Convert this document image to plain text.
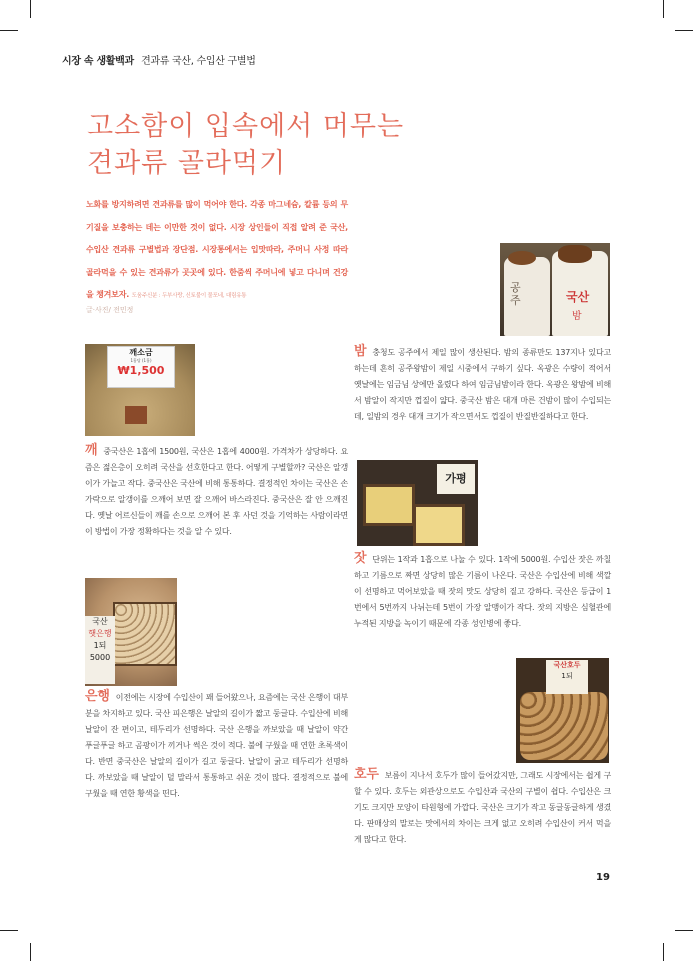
시장 속 생활백과 견과류 국산, 수입산 구별법
고소함이 입속에서 머무는
견과류 골라먹기
노화를 방지하려면 견과류를 많이 먹어야 한다. 각종 마그네슘, 칼륨 등의 무기질을 보충하는 데는 이만한 것이 없다. 시장 상인들이 직접 알려 준 국산, 수입산 견과류 구별법과 장단점. 시장통에서는 입맛따라, 주머니 사정 따라 골라먹을 수 있는 견과류가 곳곳에 있다. 한줌씩 주머니에 넣고 다니며 건강을 챙겨보자. 도움주신분 : 두부사랑, 신토불이 물포네, 대림유통
글·사진/ 전민정
공주	국산
밤
밤충청도 공주에서 제일 많이 생산된다. 밤의 종류만도 137지나 있다고 하는데 흔히 공주왕밤이 제일 시중에서 구하기 싶다. 옥광은 수량이 적어서 옛날에는 임금님 상에만 올렸다 하여 임금님밤이라 한다. 옥광은 왕밤에 비해서 밤알이 작지만 껍질이 얇다. 중국산 밤은 대개 마른 건밤이 많이 수입되는데, 일밤의 경우 대개 크기가 작으면서도 껍질이 반질반질하다고 한다.
깨소금
1홉당 (1홉)
₩1,500
깨중국산은 1홉에 1500원, 국산은 1홉에 4000원. 가격차가 상당하다. 요즘은 젊은층이 오히려 국산을 선호한다고 한다. 어떻게 구별할까? 국산은 알갱이가 가늘고 작다. 중국산은 국산에 비해 통통하다. 결정적인 차이는 국산은 손가락으로 알갱이를 으깨어 보면 잘 으깨어 바스라진다. 중국산은 잘 안 으깨진다. 옛날 어르신들이 깨를 손으로 으깨어 본 후 사던 것을 기억하는 사람이라면 이 방법이 가장 정확하다는 것을 알 수 있다.
가평
잣단위는 1작과 1홉으로 나눌 수 있다. 1작에 5000원. 수입산 잣은 까칠하고 기름으로 짜면 상당히 많은 기름이 나온다. 국산은 수입산에 비해 색깔이 선명하고 먹어보았을 때 잣의 맛도 상당히 짙고 강하다. 국산은 등급이 1번에서 5번까지 나뉘는데 5번이 가장 알맹이가 작다. 잣의 지방은 심혈관에 누적된 지방을 녹이기 때문에 각종 성인병에 좋다.
국산
햇은행
1되
5000
은행 이전에는 시장에 수입산이 꽤 들어왔으나, 요즘에는 국산 은행이 대부분을 차지하고 있다. 국산 피은행은 날알의 길이가 짧고 둥글다. 수입산에 비해 날알이 잔 편이고, 테두리가 선명하다. 국산 은행을 까보았을 때 날알이 약간 푸글푸글 하고 곰팡이가 끼거나 썩은 것이 적다. 불에 구웠을 때 연한 초록색이다. 반면 중국산은 날알의 길이가 길고 둥글다. 날알이 굵고 테두리가 선명하다. 까보았을 때 날알이 덜 말라서 통통하고 쉬운 것이 많다. 결정적으로 불에 구웠을 때 연한 황색을 띤다.
국산호두
1되
호두 보름이 지나서 호두가 많이 들어갔지만, 그래도 시장에서는 쉽게 구할 수 있다. 호두는 외관상으로도 수입산과 국산의 구별이 쉽다. 수입산은 크기도 크지만 모양이 타원형에 가깝다. 국산은 크기가 작고 동글동글하게 생겼다. 판매상의 말로는 맛에서의 차이는 크게 없고 오히려 수입산이 커서 먹을 게 많다고 한다.
19
